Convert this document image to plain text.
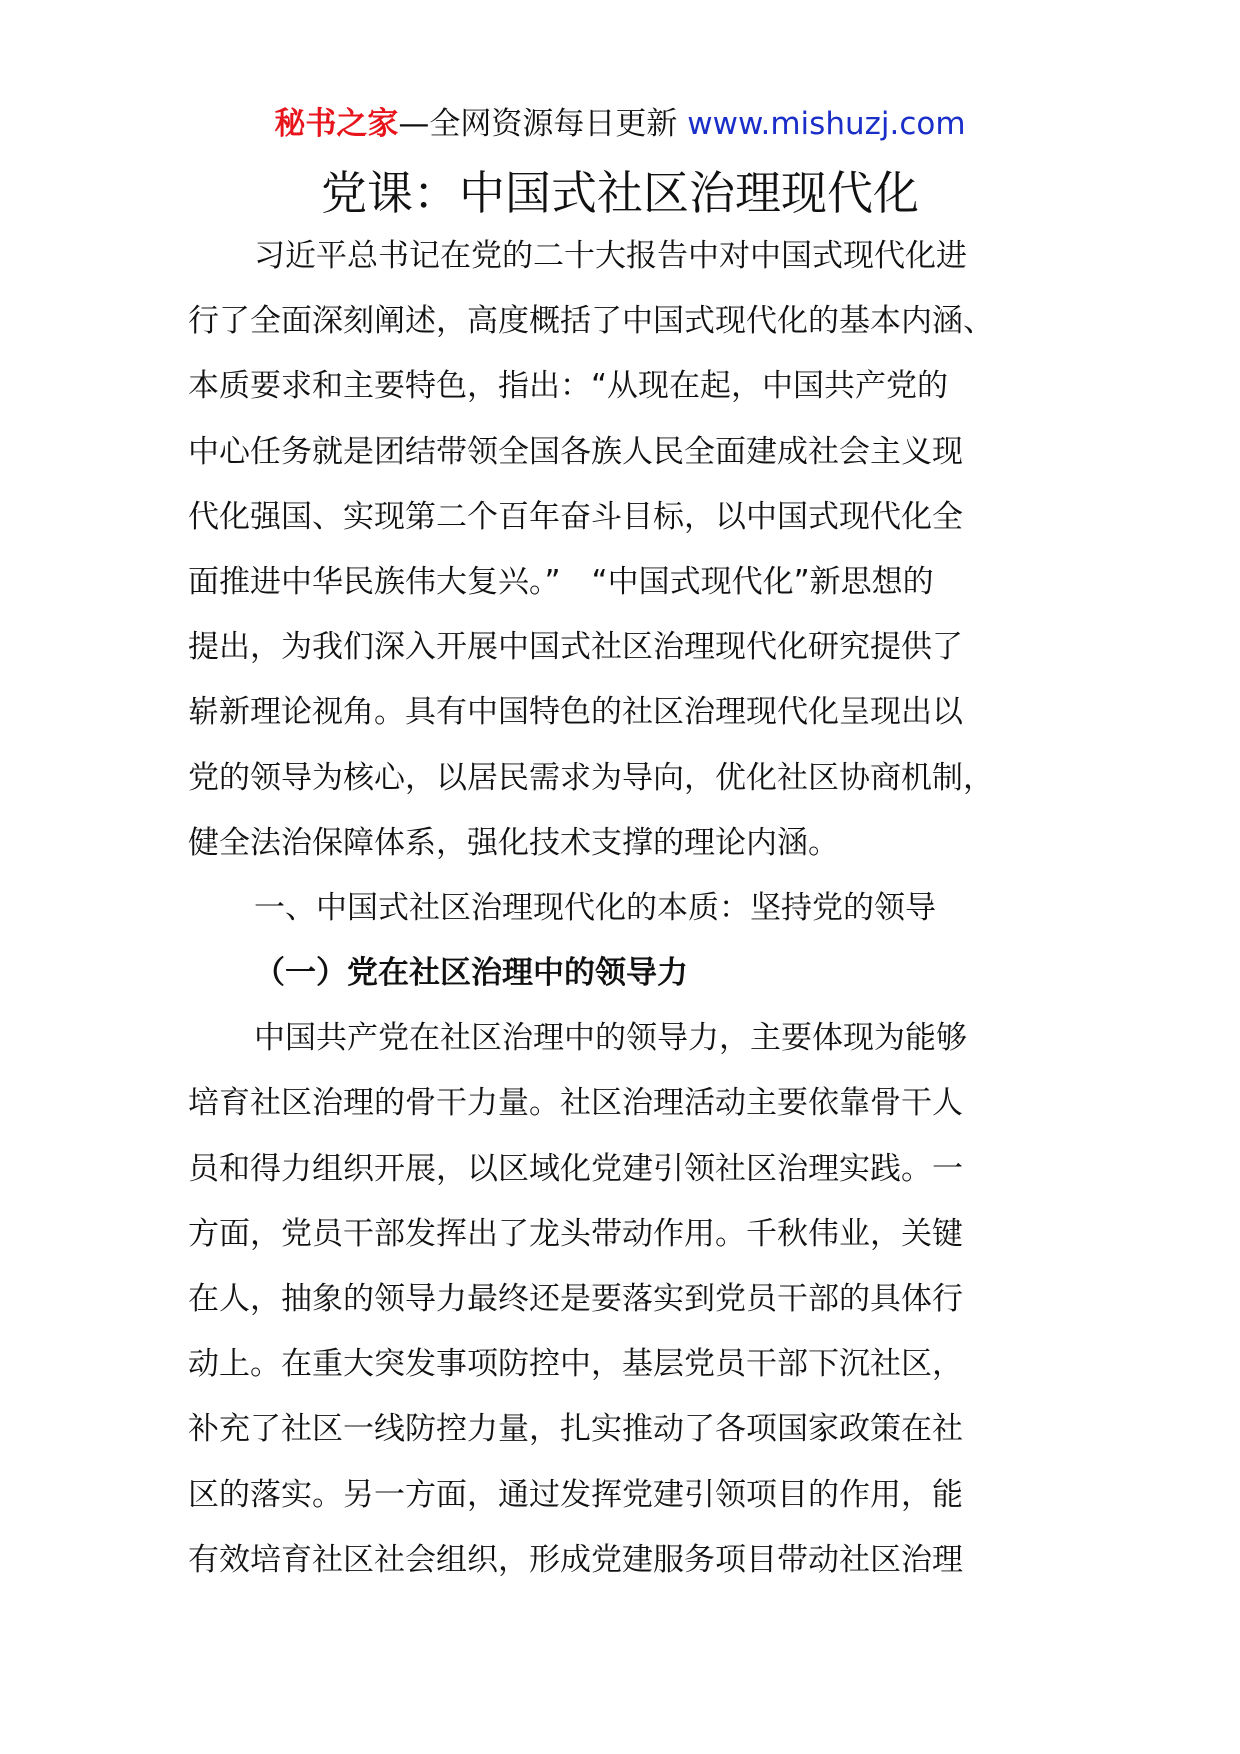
秘书之家—全网资源每日更新 www.mishuzj.com
党课：中国式社区治理现代化
习近平总书记在党的二十大报告中对中国式现代化进
行了全面深刻阐述，高度概括了中国式现代化的基本内涵、
本质要求和主要特色，指出：“从现在起，中国共产党的
中心任务就是团结带领全国各族人民全面建成社会主义现
代化强国、实现第二个百年奋斗目标，以中国式现代化全
面推进中华民族伟大复兴。”　“中国式现代化”新思想的
提出，为我们深入开展中国式社区治理现代化研究提供了
崭新理论视角。具有中国特色的社区治理现代化呈现出以
党的领导为核心，以居民需求为导向，优化社区协商机制，
健全法治保障体系，强化技术支撑的理论内涵。
一、中国式社区治理现代化的本质：坚持党的领导
（一）党在社区治理中的领导力
中国共产党在社区治理中的领导力，主要体现为能够
培育社区治理的骨干力量。社区治理活动主要依靠骨干人
员和得力组织开展，以区域化党建引领社区治理实践。一
方面，党员干部发挥出了龙头带动作用。千秋伟业，关键
在人，抽象的领导力最终还是要落实到党员干部的具体行
动上。在重大突发事项防控中，基层党员干部下沉社区，
补充了社区一线防控力量，扎实推动了各项国家政策在社
区的落实。另一方面，通过发挥党建引领项目的作用，能
有效培育社区社会组织，形成党建服务项目带动社区治理
